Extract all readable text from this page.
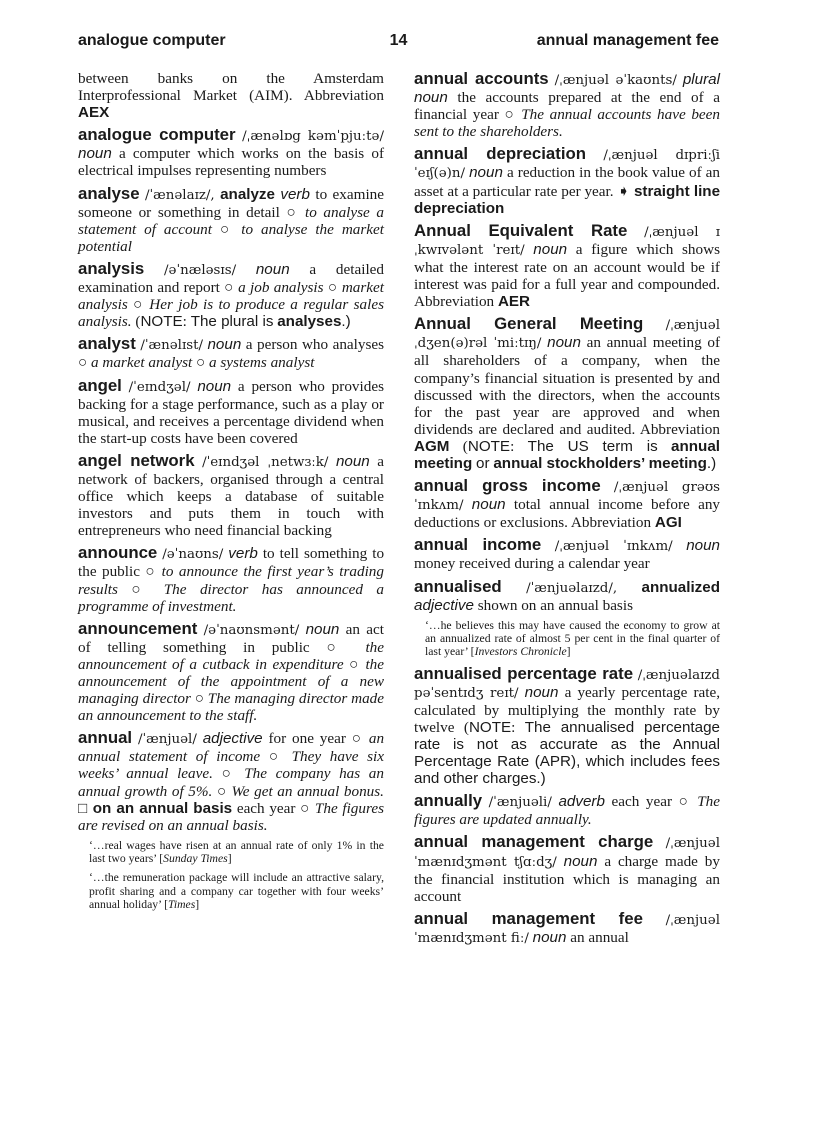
analogue computer	14	annual management fee

between banks on the Amsterdam Interprofessional Market (AIM). Abbreviation AEX

analogue computer /ˌænəlɒg kəmˈpjuːtə/ noun a computer which works on the basis of electrical impulses representing numbers

analyse /ˈænəlaɪz/, analyze verb to examine someone or something in detail ○ to analyse a statement of account ○ to analyse the market potential

analysis /əˈnæləsɪs/ noun a detailed examination and report ○ a job analysis ○ market analysis ○ Her job is to produce a regular sales analysis. (NOTE: The plural is analyses.)

analyst /ˈænəlɪst/ noun a person who analyses ○ a market analyst ○ a systems analyst

angel /ˈeɪndʒəl/ noun a person who provides backing for a stage performance, such as a play or musical, and receives a percentage dividend when the start-up costs have been covered

angel network /ˈeɪndʒəl ˌnetwɜːk/ noun a network of backers, organised through a central office which keeps a database of suitable investors and puts them in touch with entrepreneurs who need financial backing

announce /əˈnaʊns/ verb to tell something to the public ○ to announce the first year’s trading results ○ The director has announced a programme of investment.

announcement /əˈnaʊnsmənt/ noun an act of telling something in public ○ the announcement of a cutback in expenditure ○ the announcement of the appointment of a new managing director ○ The managing director made an announcement to the staff.

annual /ˈænjuəl/ adjective for one year ○ an annual statement of income ○ They have six weeks’ annual leave. ○ The company has an annual growth of 5%. ○ We get an annual bonus. □ on an annual basis each year ○ The figures are revised on an annual basis.

‘…real wages have risen at an annual rate of only 1% in the last two years’ [Sunday Times]

‘…the remuneration package will include an attractive salary, profit sharing and a company car together with four weeks’ annual holiday’ [Times]

annual accounts /ˌænjuəl əˈkaʊnts/ plural noun the accounts prepared at the end of a financial year ○ The annual accounts have been sent to the shareholders.

annual depreciation /ˌænjuəl dɪpriːʃiˈeɪʃ(ə)n/ noun a reduction in the book value of an asset at a particular rate per year. ➧ straight line depreciation

Annual Equivalent Rate /ˌænjuəl ɪˌkwɪvələnt ˈreɪt/ noun a figure which shows what the interest rate on an account would be if interest was paid for a full year and compounded. Abbreviation AER

Annual General Meeting /ˌænjuəl ˌdʒen(ə)rəl ˈmiːtɪŋ/ noun an annual meeting of all shareholders of a company, when the company’s financial situation is presented by and discussed with the directors, when the accounts for the past year are approved and when dividends are declared and audited. Abbreviation AGM (NOTE: The US term is annual meeting or annual stockholders’ meeting.)

annual gross income /ˌænjuəl grəʊs ˈɪnkʌm/ noun total annual income before any deductions or exclusions. Abbreviation AGI

annual income /ˌænjuəl ˈɪnkʌm/ noun money received during a calendar year

annualised /ˈænjuəlaɪzd/, annualized adjective shown on an annual basis

‘…he believes this may have caused the economy to grow at an annualized rate of almost 5 per cent in the final quarter of last year’ [Investors Chronicle]

annualised percentage rate /ˌænjuəlaɪzd pəˈsentɪdʒ reɪt/ noun a yearly percentage rate, calculated by multiplying the monthly rate by twelve (NOTE: The annualised percentage rate is not as accurate as the Annual Percentage Rate (APR), which includes fees and other charges.)

annually /ˈænjuəli/ adverb each year ○ The figures are updated annually.

annual management charge /ˌænjuəl ˈmænɪdʒmənt tʃɑːdʒ/ noun a charge made by the financial institution which is managing an account

annual management fee /ˌænjuəl ˈmænɪdʒmənt fiː/ noun an annual
